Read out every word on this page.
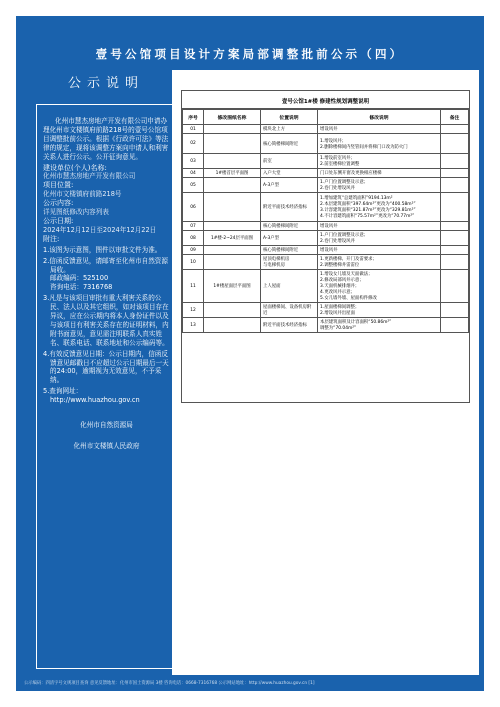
壹号公馆项目设计方案局部调整批前公示（四）
公示说明
化州市慧杰房地产开发有限公司申请办理化州市文楼镇府前路218号的壹号公馆项目调整批前公示。根据《行政许可法》等法律的规定，现将该调整方案向申请人和利害关系人进行公示。公开征询意见。
建设单位(个人)名称:
化州市慧杰房地产开发有限公司
项目位置:
化州市文楼镇府前路218号
公示内容:
详见图纸修改内容列表
公示日期:
2024年12月12日至2024年12月22日
附注:
1.该图为示意图，图件以审批文件为准。
2.信函反馈意见，请邮寄至化州市自然资源局收。
邮政编码：525100
咨询电话：7316768
3.凡是与该项目审批有重大利害关系的公民、法人以及其它组织，如对该项目存在异议，应在公示期内将本人身份证件以及与该项目有利害关系存在的证明材料，内附书面意见，意见需注明联系人真实姓名、联系电话、联系地址和公示编码等。
4.有效反馈意见日期：公示日期内，信函反馈意见邮戳日不应超过公示日期最后一天的24:00，逾期视为无效意见，不予采纳。
5.查询网址：
http://www.huazhou.gov.cn
化州市自然资源局
化州市文楼镇人民政府
壹号公馆1#楼 修建性规划调整说明
序号	修改图纸名称	位置说明	修改说明	备注
01		模块北上方	增设风井	
02		核心筒楼梯间附近	1.增设风井；
2.删除楼梯间内竖管间并将梯门口改为防火门	
03		前室	1.增设前室风井；
2.前室楼梯位置调整	
04	1#楼首层平面图	入户大堂	门口处东侧开窗及更换相应楼梯	
05		A-3户型	1.户门位置调整及示意；
2.卷门处增设风井	
06		附近平面技术经济指标	1.增加建筑“总建筑面积”9194.13m²
2.本层建筑面积“397.64m²”更改为“400.58m²”
3.计容建筑面积“321.87m²”更改为“329.81m²”
4.不计容建筑面积“75.57m²”更改为“70.77m²”	
07		核心筒楼梯间附近	增设风井	
08	1#楼-2~24层平面图	A-3户型	1.户门位置调整及示意；
2.卷门处增设风井	
09		核心筒楼梯间附近	增设风井	
10		屋顶电梯机房
与电梯机房	1.更新楼梯、开门及雷要求；
2.调整楼梯井雷雷位	
11	1#楼屋面层平面图	上人屋面	1.增设女儿墙及天面做法；
2.修改局部风井示意；
3.天面机械排烟井；
4.更改风井示意；
5.女儿墙外墙、屋面构件修改	
12		屋面楼梯间、设备机房附近	1.屋面楼梯间调整；
2.增设风井出屋面	
13		附近平面技术经济指标	本层建筑面积及计容面积“50.86m²”
调整为“70.04m²”	
公示编码：四清字号文规项目查询 意见反馈地址：化州市国土资源局 3楼 咨询电话：0668-7316768 公示网站地址：http://www.huazhou.gov.cn [1]
